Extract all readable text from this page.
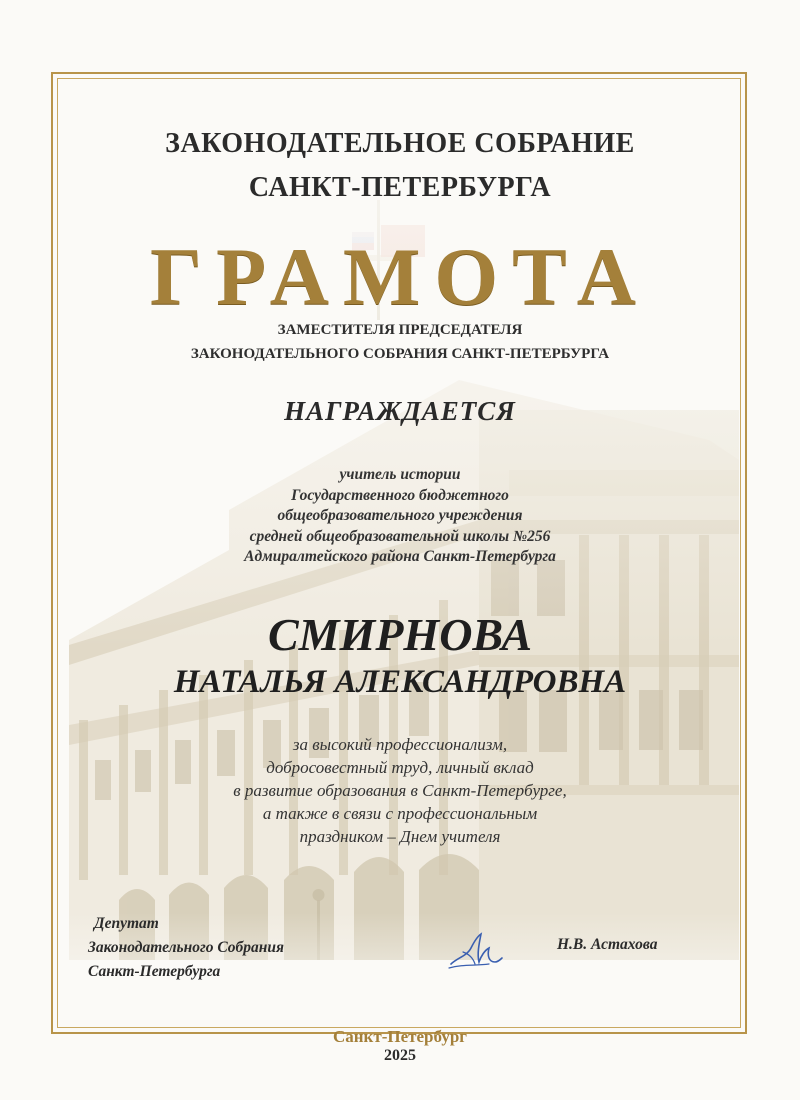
ЗАКОНОДАТЕЛЬНОЕ СОБРАНИЕ
САНКТ-ПЕТЕРБУРГА
ГРАМОТА
ЗАМЕСТИТЕЛЯ ПРЕДСЕДАТЕЛЯ
ЗАКОНОДАТЕЛЬНОГО СОБРАНИЯ САНКТ-ПЕТЕРБУРГА
НАГРАЖДАЕТСЯ
учитель истории
Государственного бюджетного
общеобразовательного учреждения
средней общеобразовательной школы №256
Адмиралтейского района Санкт-Петербурга
СМИРНОВА
НАТАЛЬЯ АЛЕКСАНДРОВНА
за высокий профессионализм,
добросовестный труд, личный вклад
в развитие образования в Санкт-Петербурге,
а также в связи с профессиональным
праздником – Днем учителя
Депутат
Законодательного Собрания
Санкт-Петербурга

Н.В. Астахова

Санкт-Петербург
2025
